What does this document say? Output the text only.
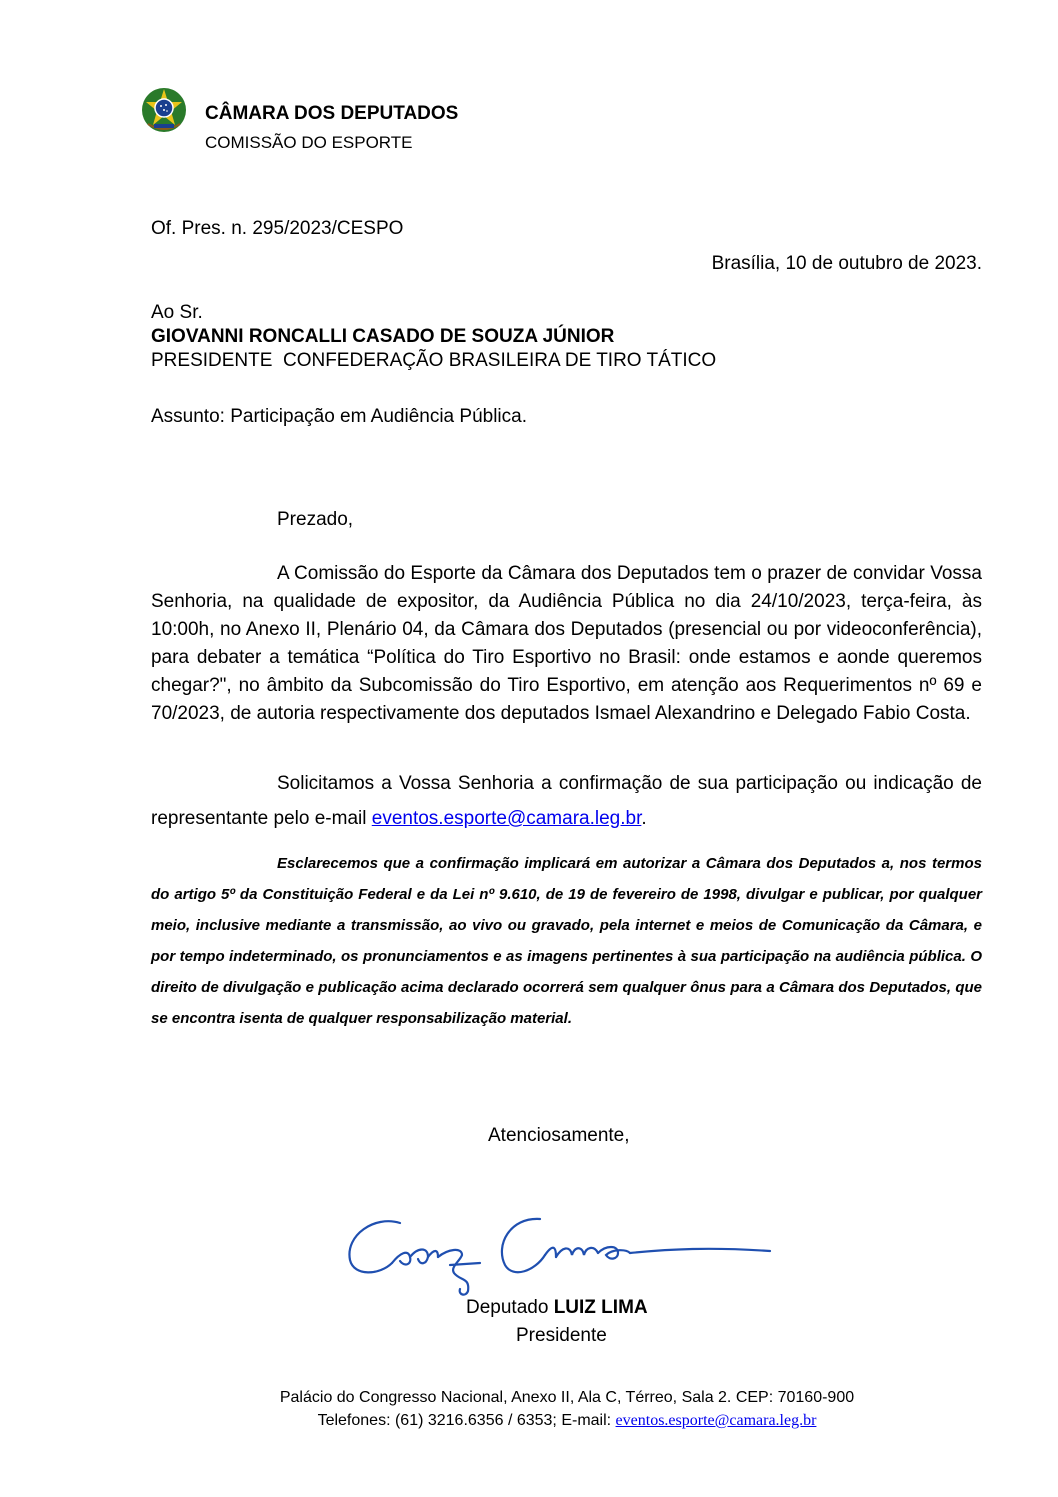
CÂMARA DOS DEPUTADOS
COMISSÃO DO ESPORTE
Of. Pres. n. 295/2023/CESPO
Brasília, 10 de outubro de 2023.
Ao Sr.
GIOVANNI RONCALLI CASADO DE SOUZA JÚNIOR
PRESIDENTE  CONFEDERAÇÃO BRASILEIRA DE TIRO TÁTICO
Assunto: Participação em Audiência Pública.
Prezado,
A Comissão do Esporte da Câmara dos Deputados tem o prazer de convidar Vossa Senhoria, na qualidade de expositor, da Audiência Pública no dia 24/10/2023, terça-feira, às 10:00h, no Anexo II, Plenário 04, da Câmara dos Deputados (presencial ou por videoconferência), para debater a temática “Política do Tiro Esportivo no Brasil: onde estamos e aonde queremos chegar?", no âmbito da Subcomissão do Tiro Esportivo, em atenção aos Requerimentos nº 69 e 70/2023, de autoria respectivamente dos deputados Ismael Alexandrino e Delegado Fabio Costa.
Solicitamos a Vossa Senhoria a confirmação de sua participação ou indicação de representante pelo e-mail eventos.esporte@camara.leg.br.
Esclarecemos que a confirmação implicará em autorizar a Câmara dos Deputados a, nos termos do artigo 5º da Constituição Federal e da Lei nº 9.610, de 19 de fevereiro de 1998, divulgar e publicar, por qualquer meio, inclusive mediante a transmissão, ao vivo ou gravado, pela internet e meios de Comunicação da Câmara, e por tempo indeterminado, os pronunciamentos e as imagens pertinentes à sua participação na audiência pública. O direito de divulgação e publicação acima declarado ocorrerá sem qualquer ônus para a Câmara dos Deputados, que se encontra isenta de qualquer responsabilização material.
Atenciosamente,
Deputado LUIZ LIMA
Presidente
Palácio do Congresso Nacional, Anexo II, Ala C, Térreo, Sala 2. CEP: 70160-900
Telefones: (61) 3216.6356 / 6353; E-mail: eventos.esporte@camara.leg.br
